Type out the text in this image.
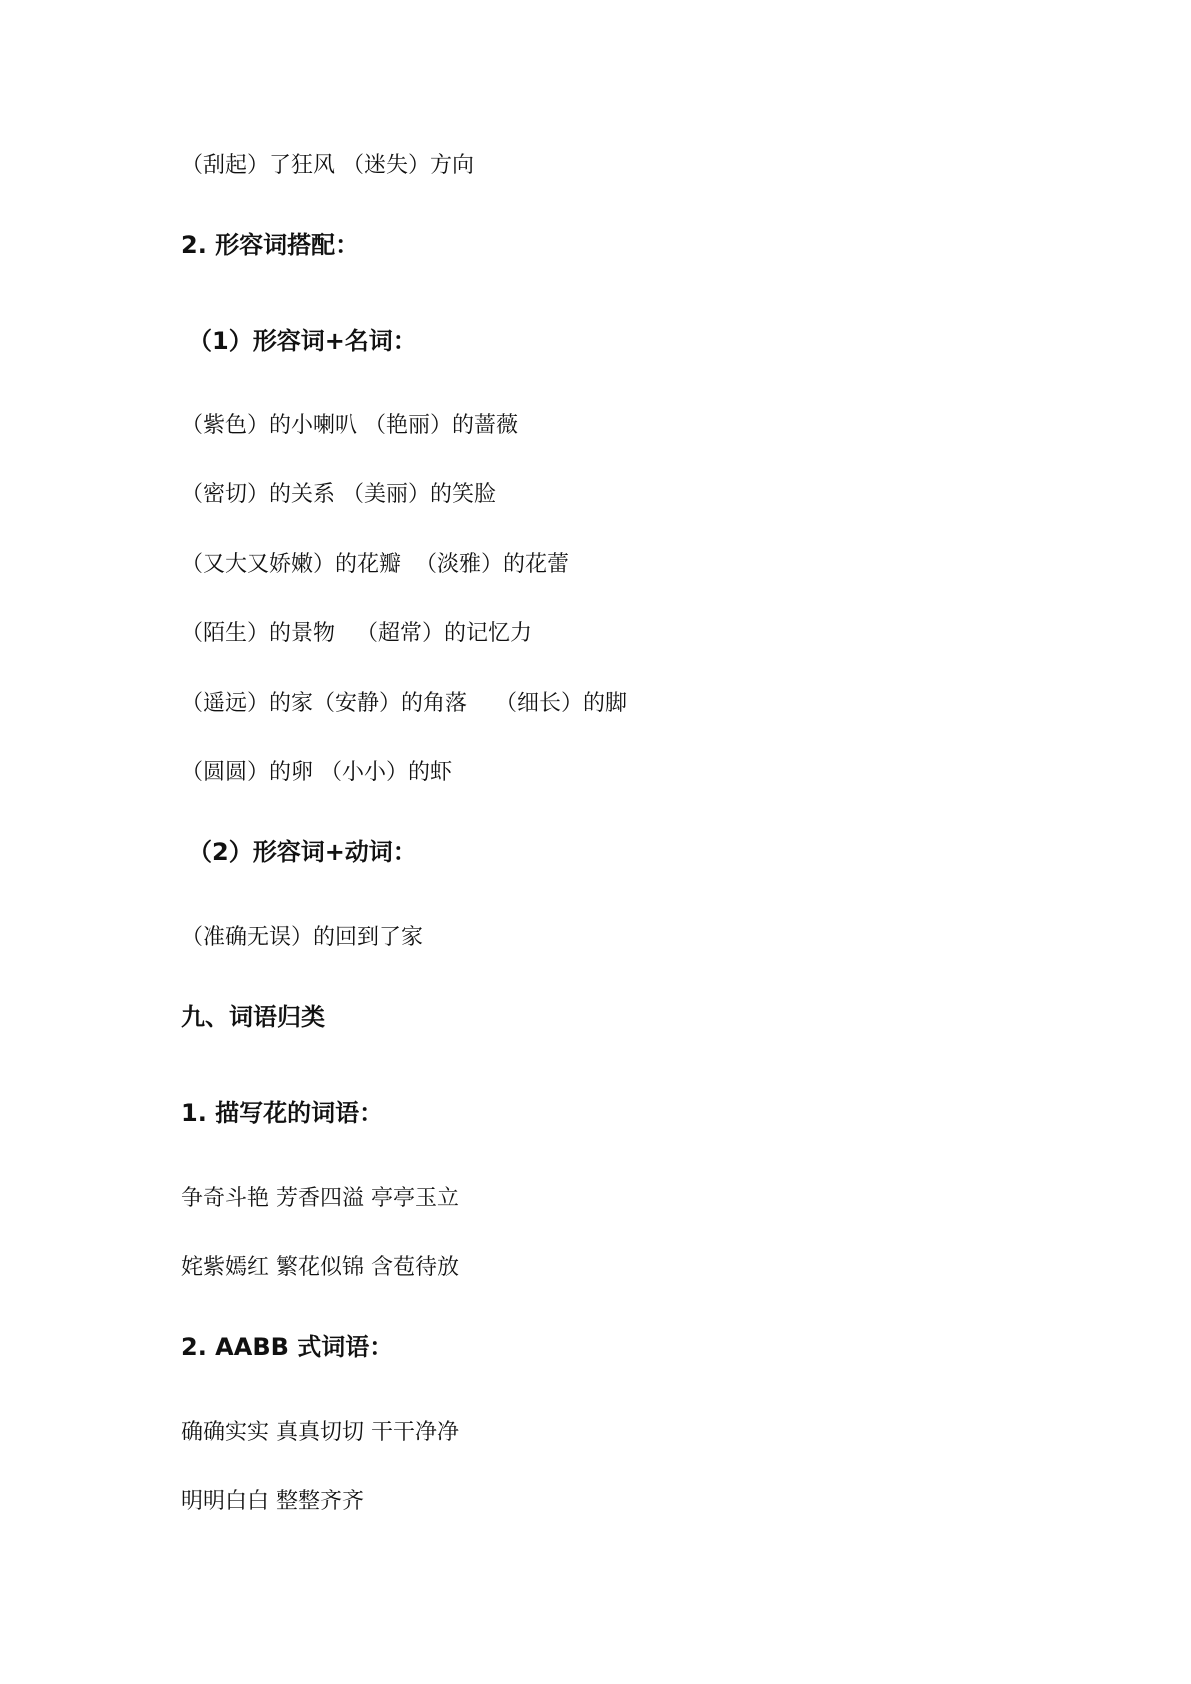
（刮起）了狂风 （迷失）方向
2. 形容词搭配：
（1）形容词+名词：
（紫色）的小喇叭 （艳丽）的蔷薇
（密切）的关系 （美丽）的笑脸
（又大又娇嫩）的花瓣  （淡雅）的花蕾
（陌生）的景物   （超常）的记忆力
（遥远）的家（安静）的角落    （细长）的脚
（圆圆）的卵 （小小）的虾
（2）形容词+动词：
（准确无误）的回到了家
九、词语归类
1. 描写花的词语：
争奇斗艳 芳香四溢 亭亭玉立
姹紫嫣红 繁花似锦 含苞待放
2. AABB 式词语：
确确实实 真真切切 干干净净
明明白白 整整齐齐
